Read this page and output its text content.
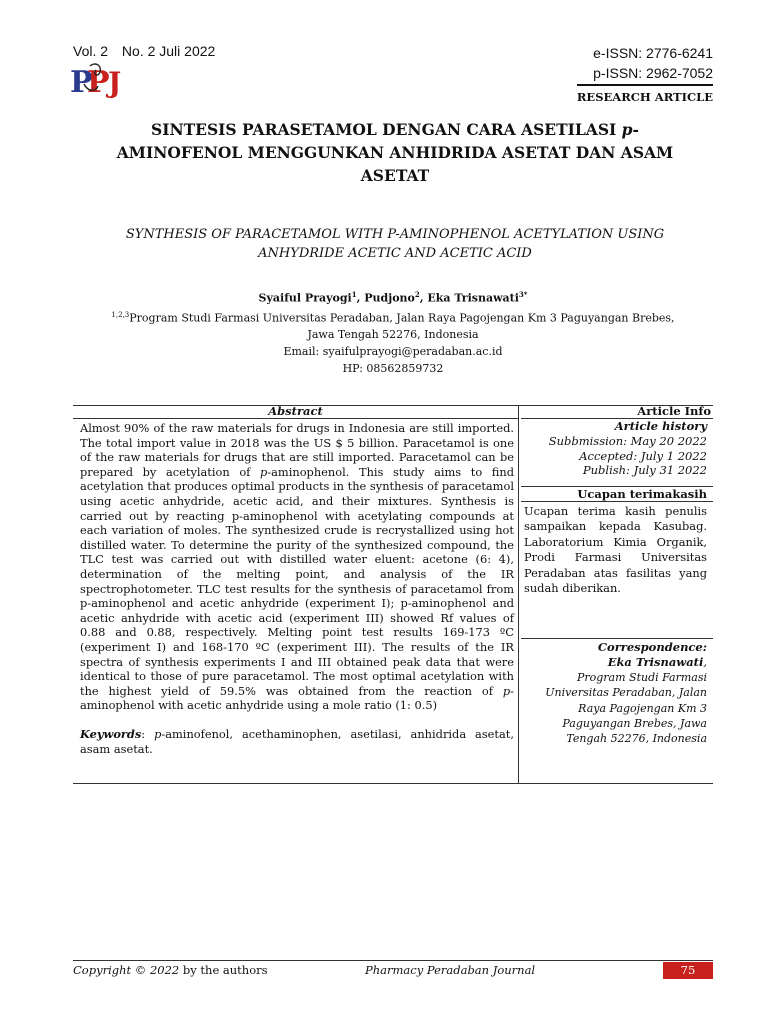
Vol. 2 No. 2 Juli 2022
P
P
J
e-ISSN: 2776-6241
p-ISSN: 2962-7052
RESEARCH ARTICLE
SINTESIS PARASETAMOL DENGAN CARA ASETILASI p-
AMINOFENOL MENGGUNKAN ANHIDRIDA ASETAT DAN ASAM
ASETAT
SYNTHESIS OF PARACETAMOL WITH P-AMINOPHENOL ACETYLATION USING
ANHYDRIDE ACETIC AND ACETIC ACID
Syaiful Prayogi$^1$, Pudjono$^2$, Eka Trisnawati$^{3*}$
$^{1,2,3}$Program Studi Farmasi Universitas Peradaban, Jalan Raya Pagojengan Km 3 Paguyangan Brebes,
Jawa Tengah 52276, Indonesia
Email: syaifulprayogi@peradaban.ac.id
HP: 08562859732
Abstract
Almost 90% of the raw materials for drugs in Indonesia are still imported. The total import value in 2018 was the US $ 5 billion. Paracetamol is one of the raw materials for drugs that are still imported. Paracetamol can be prepared by acetylation of p-aminophenol. This study aims to find acetylation that produces optimal products in the synthesis of paracetamol using acetic anhydride, acetic acid, and their mixtures. Synthesis is carried out by reacting p-aminophenol with acetylating compounds at each variation of moles. The synthesized crude is recrystallized using hot distilled water. To determine the purity of the synthesized compound, the TLC test was carried out with distilled water eluent: acetone (6: 4), determination of the melting point, and analysis of the IR spectrophotometer. TLC test results for the synthesis of paracetamol from p-aminophenol and acetic anhydride (experiment I); p-aminophenol and acetic anhydride with acetic acid (experiment III) showed Rf values of 0.88 and 0.88, respectively. Melting point test results 169-173 ºC (experiment I) and 168-170 ºC (experiment III). The results of the IR spectra of synthesis experiments I and III obtained peak data that were identical to those of pure paracetamol. The most optimal acetylation with the highest yield of 59.5% was obtained from the reaction of p-aminophenol with acetic anhydride using a mole ratio (1: 0.5)
Keywords: p-aminofenol, acethaminophen, asetilasi, anhidrida asetat, asam asetat.
Article Info
Article history
Subbmission: May 20 2022
Accepted: July 1 2022
Publish: July 31 2022
Ucapan terimakasih
Ucapan terima kasih penulis sampaikan kepada Kasubag. Laboratorium Kimia Organik, Prodi Farmasi Universitas Peradaban atas fasilitas yang sudah diberikan.
Correspondence:
Eka Trisnawati,
Program Studi Farmasi
Universitas Peradaban, Jalan
Raya Pagojengan Km 3
Paguyangan Brebes, Jawa
Tengah 52276, Indonesia
Copyright © 2022 by the authors	Pharmacy Peradaban Journal	75
